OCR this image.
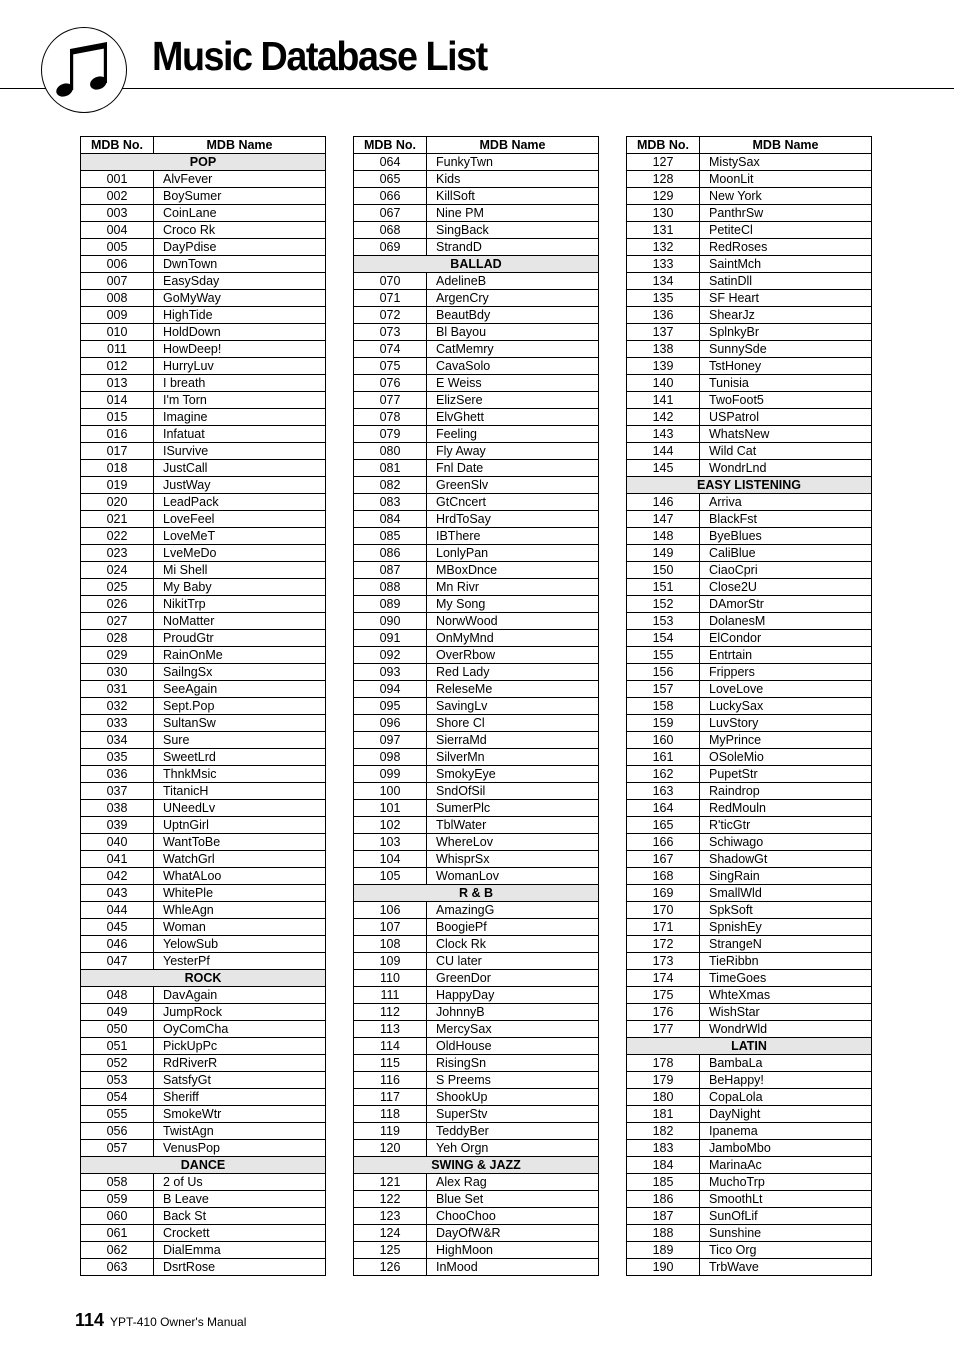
Music Database List
MDB No.	MDB Name
POP	
001	AlvFever
002	BoySumer
003	CoinLane
004	Croco Rk
005	DayPdise
006	DwnTown
007	EasySday
008	GoMyWay
009	HighTide
010	HoldDown
011	HowDeep!
012	HurryLuv
013	I breath
014	I'm Torn
015	Imagine
016	Infatuat
017	ISurvive
018	JustCall
019	JustWay
020	LeadPack
021	LoveFeel
022	LoveMeT
023	LveMeDo
024	Mi Shell
025	My Baby
026	NikitTrp
027	NoMatter
028	ProudGtr
029	RainOnMe
030	SailngSx
031	SeeAgain
032	Sept.Pop
033	SultanSw
034	Sure
035	SweetLrd
036	ThnkMsic
037	TitanicH
038	UNeedLv
039	UptnGirl
040	WantToBe
041	WatchGrl
042	WhatALoo
043	WhitePle
044	WhleAgn
045	Woman
046	YelowSub
047	YesterPf
ROCK	
048	DavAgain
049	JumpRock
050	OyComCha
051	PickUpPc
052	RdRiverR
053	SatsfyGt
054	Sheriff
055	SmokeWtr
056	TwistAgn
057	VenusPop
DANCE	
058	2 of Us
059	B Leave
060	Back St
061	Crockett
062	DialEmma
063	DsrtRose
MDB No.	MDB Name
064	FunkyTwn
065	Kids
066	KillSoft
067	Nine PM
068	SingBack
069	StrandD
BALLAD	
070	AdelineB
071	ArgenCry
072	BeautBdy
073	Bl Bayou
074	CatMemry
075	CavaSolo
076	E Weiss
077	ElizSere
078	ElvGhett
079	Feeling
080	Fly Away
081	Fnl Date
082	GreenSlv
083	GtCncert
084	HrdToSay
085	IBThere
086	LonlyPan
087	MBoxDnce
088	Mn Rivr
089	My Song
090	NorwWood
091	OnMyMnd
092	OverRbow
093	Red Lady
094	ReleseMe
095	SavingLv
096	Shore Cl
097	SierraMd
098	SilverMn
099	SmokyEye
100	SndOfSil
101	SumerPlc
102	TblWater
103	WhereLov
104	WhisprSx
105	WomanLov
R & B	
106	AmazingG
107	BoogiePf
108	Clock Rk
109	CU later
110	GreenDor
111	HappyDay
112	JohnnyB
113	MercySax
114	OldHouse
115	RisingSn
116	S Preems
117	ShookUp
118	SuperStv
119	TeddyBer
120	Yeh Orgn
SWING & JAZZ	
121	Alex Rag
122	Blue Set
123	ChooChoo
124	DayOfW&R
125	HighMoon
126	InMood
MDB No.	MDB Name
127	MistySax
128	MoonLit
129	New York
130	PanthrSw
131	PetiteCl
132	RedRoses
133	SaintMch
134	SatinDll
135	SF Heart
136	ShearJz
137	SplnkyBr
138	SunnySde
139	TstHoney
140	Tunisia
141	TwoFoot5
142	USPatrol
143	WhatsNew
144	Wild Cat
145	WondrLnd
EASY LISTENING	
146	Arriva
147	BlackFst
148	ByeBlues
149	CaliBlue
150	CiaoCpri
151	Close2U
152	DAmorStr
153	DolanesM
154	ElCondor
155	Entrtain
156	Frippers
157	LoveLove
158	LuckySax
159	LuvStory
160	MyPrince
161	OSoleMio
162	PupetStr
163	Raindrop
164	RedMouln
165	R'ticGtr
166	Schiwago
167	ShadowGt
168	SingRain
169	SmallWld
170	SpkSoft
171	SpnishEy
172	StrangeN
173	TieRibbn
174	TimeGoes
175	WhteXmas
176	WishStar
177	WondrWld
LATIN	
178	BambaLa
179	BeHappy!
180	CopaLola
181	DayNight
182	Ipanema
183	JamboMbo
184	MarinaAc
185	MuchoTrp
186	SmoothLt
187	SunOfLif
188	Sunshine
189	Tico Org
190	TrbWave
114 YPT-410 Owner's Manual
